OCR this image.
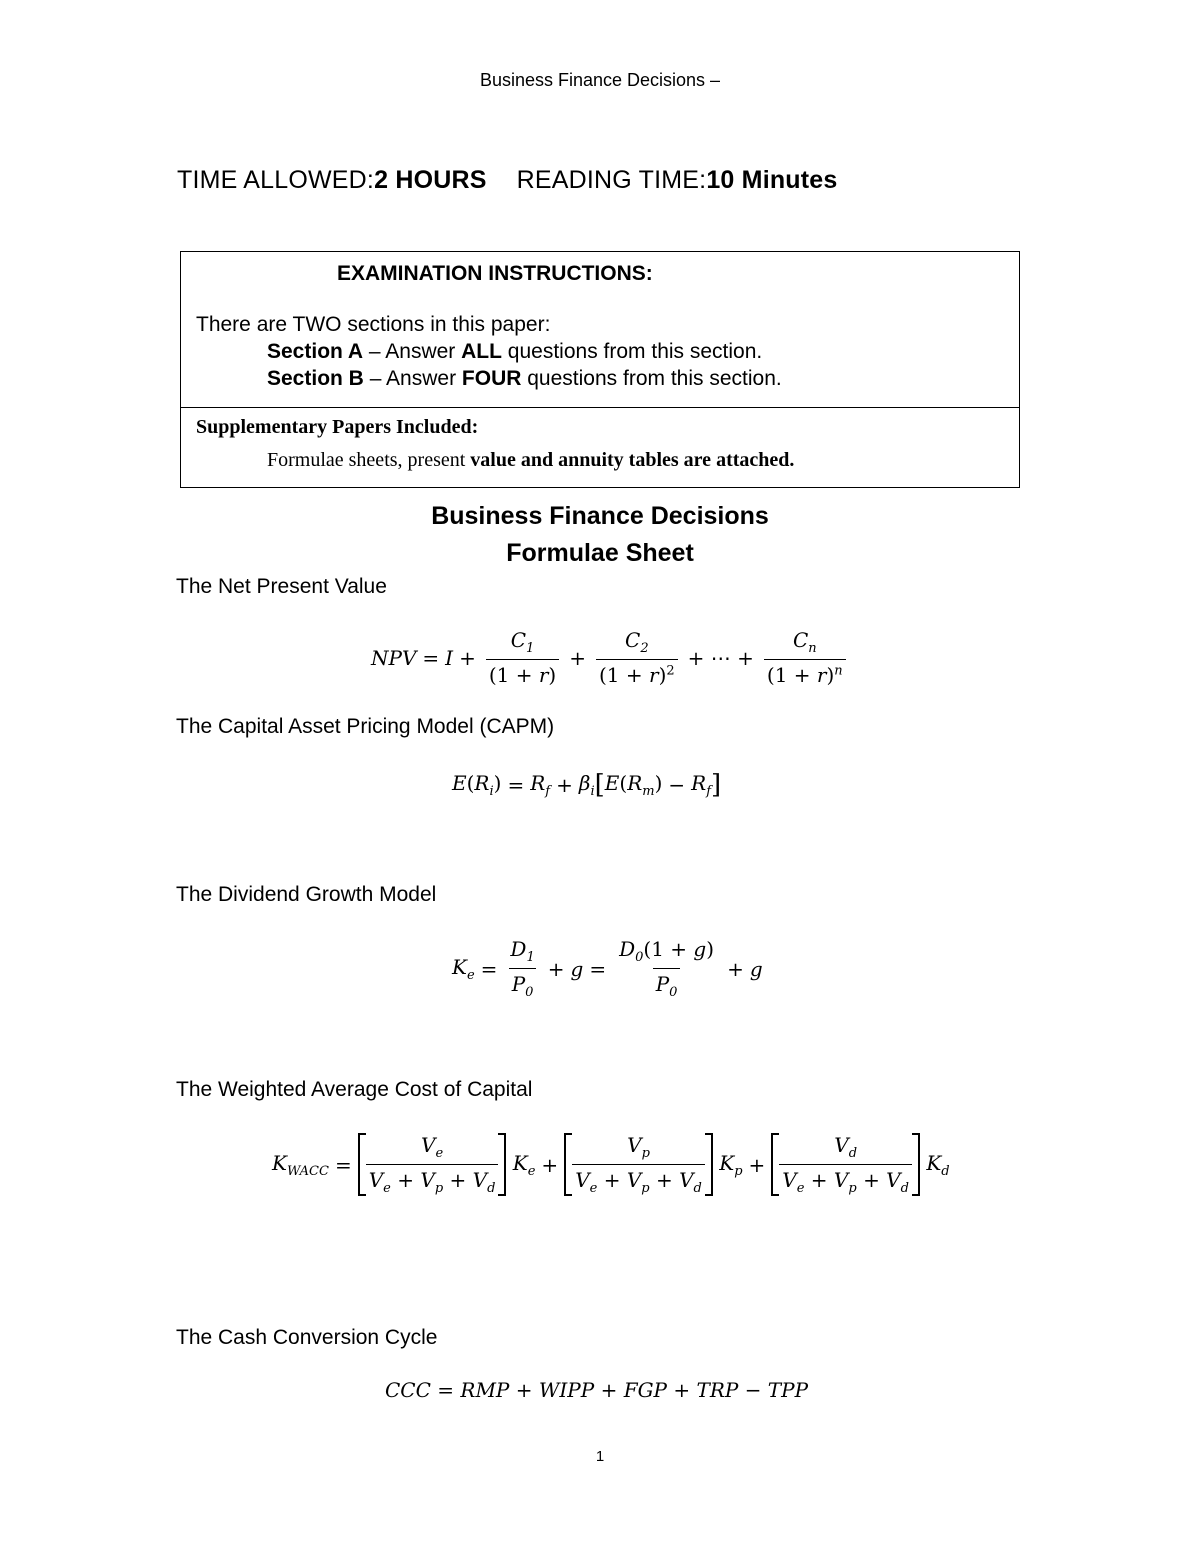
Business Finance Decisions –
TIME ALLOWED:2 HOURS READING TIME:10 Minutes
EXAMINATION INSTRUCTIONS:
There are TWO sections in this paper:
Section A – Answer ALL questions from this section.
Section B – Answer FOUR questions from this section.
Supplementary Papers Included:
Formulae sheets, present value and annuity tables are attached.
Business Finance Decisions
Formulae Sheet
The Net Present Value
NPV = $I + \frac{C_1}{(1 + r)} + \frac{C_2}{(1 + r)^2}$ + ⋯ + $\frac{C_n}{(1 + r)^n}$
The Capital Asset Pricing Model (CAPM)
$E(R_i) = R_f + \beta_i$ [ $E(R_m) - R_f$ ]
The Dividend Growth Model
$K_e = \frac{D_1}{P_0} + g = \frac{D_0(1 + g)}{P_0} + g$
The Weighted Average Cost of Capital
$K_{WACC} = \frac{V_e}{V_e + V_p + V_d} K_e + \frac{V_p}{V_e + V_p + V_d} K_p + \frac{V_d}{V_e + V_p + V_d} K_d$
The Cash Conversion Cycle
CCC = RMP + WIPP + FGP + TRP − TPP
1
